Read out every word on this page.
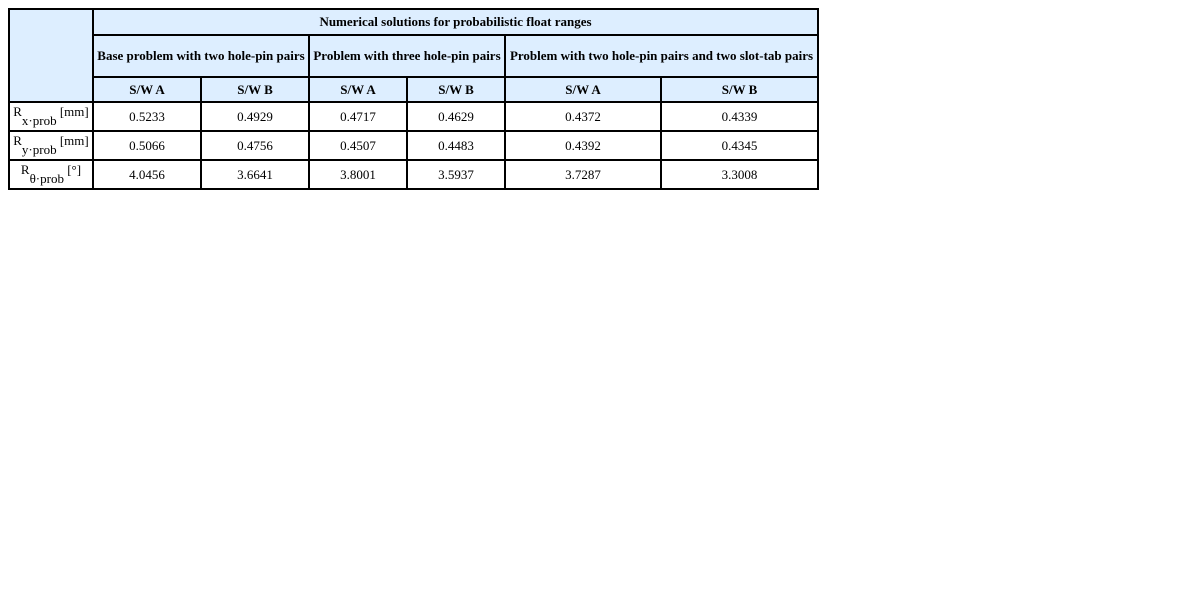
	Numerical solutions for probabilistic float ranges					
	Base problem with two hole-pin pairs		Problem with three hole-pin pairs		Problem with two hole-pin pairs and two slot-tab pairs	
	S/W A	S/W B	S/W A	S/W B	S/W A	S/W B
$R_{x\cdot prob}$ [mm]	0.5233	0.4929	0.4717	0.4629	0.4372	0.4339
$R_{y\cdot prob}$ [mm]	0.5066	0.4756	0.4507	0.4483	0.4392	0.4345
$R_{\theta\cdot prob}$ [°]	4.0456	3.6641	3.8001	3.5937	3.7287	3.3008
